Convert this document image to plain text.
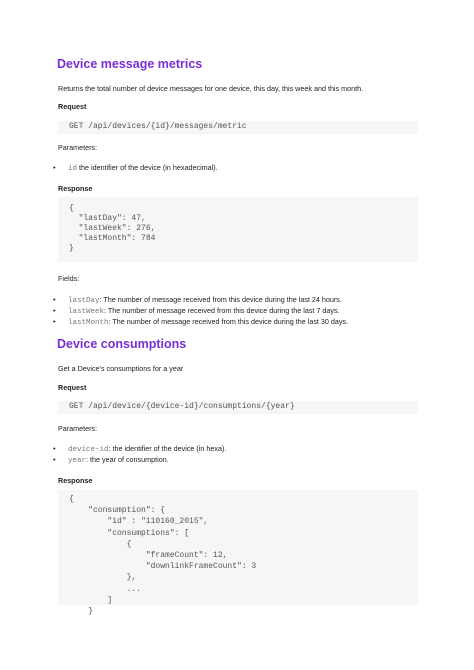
Device message metrics

Returns the total number of device messages for one device, this day, this week and this month.

Request

GET /api/devices/{id}/messages/metric

Parameters:

• id the identifier of the device (in hexadecimal).

Response

{
"lastDay": 47,
"lastWeek": 276,
"lastMonth": 784
}

Fields:

• lastDay: The number of message received from this device during the last 24 hours.
• lastWeek: The number of message received from this device during the last 7 days.
• lastMonth: The number of message received from this device during the last 30 days.
Device consumptions

Get a Device's consumptions for a year

Request

GET /api/device/{device-id}/consumptions/{year}

Parameters:

• device-id: the identifier of the device (in hexa).
• year: the year of consumption.

Response

{
"consumption": {
"id" : "110160_2015",
"consumptions": [
{
"frameCount": 12,
"downlinkFrameCount": 3
},
...
]
}
